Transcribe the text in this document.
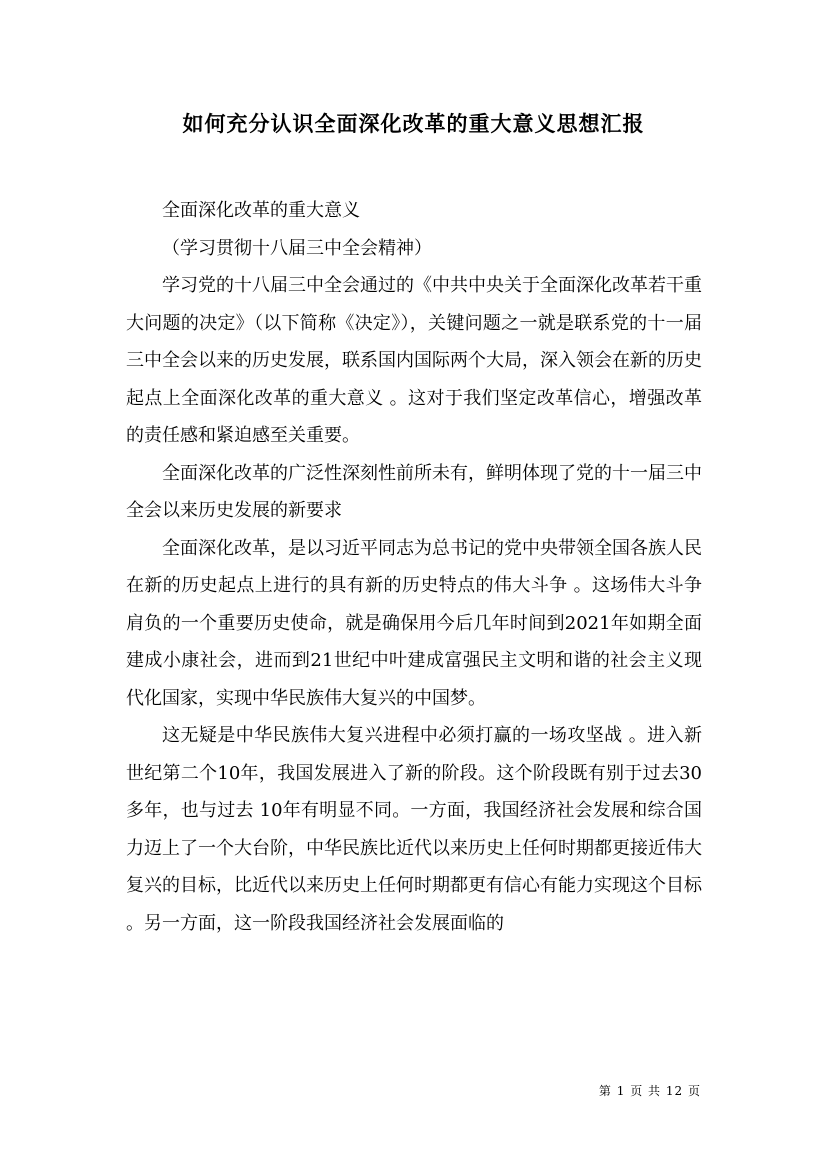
如何充分认识全面深化改革的重大意义思想汇报

全面深化改革的重大意义

（学习贯彻十八届三中全会精神）

学习党的十八届三中全会通过的《中共中央关于全面深化改革若干重大问题的决定》（以下简称《决定》），关键问题之一就是联系党的十一届三中全会以来的历史发展，联系国内国际两个大局，深入领会在新的历史起点上全面深化改革的重大意义 。这对于我们坚定改革信心，增强改革的责任感和紧迫感至关重要。

全面深化改革的广泛性深刻性前所未有，鲜明体现了党的十一届三中全会以来历史发展的新要求

全面深化改革，是以习近平同志为总书记的党中央带领全国各族人民在新的历史起点上进行的具有新的历史特点的伟大斗争 。这场伟大斗争肩负的一个重要历史使命，就是确保用今后几年时间到2021年如期全面建成小康社会，进而到21世纪中叶建成富强民主文明和谐的社会主义现代化国家，实现中华民族伟大复兴的中国梦。

这无疑是中华民族伟大复兴进程中必须打赢的一场攻坚战 。进入新世纪第二个10年，我国发展进入了新的阶段。这个阶段既有别于过去30多年，也与过去 10年有明显不同。一方面，我国经济社会发展和综合国力迈上了一个大台阶，中华民族比近代以来历史上任何时期都更接近伟大复兴的目标，比近代以来历史上任何时期都更有信心有能力实现这个目标 。另一方面，这一阶段我国经济社会发展面临的

第 1 页 共 12 页
